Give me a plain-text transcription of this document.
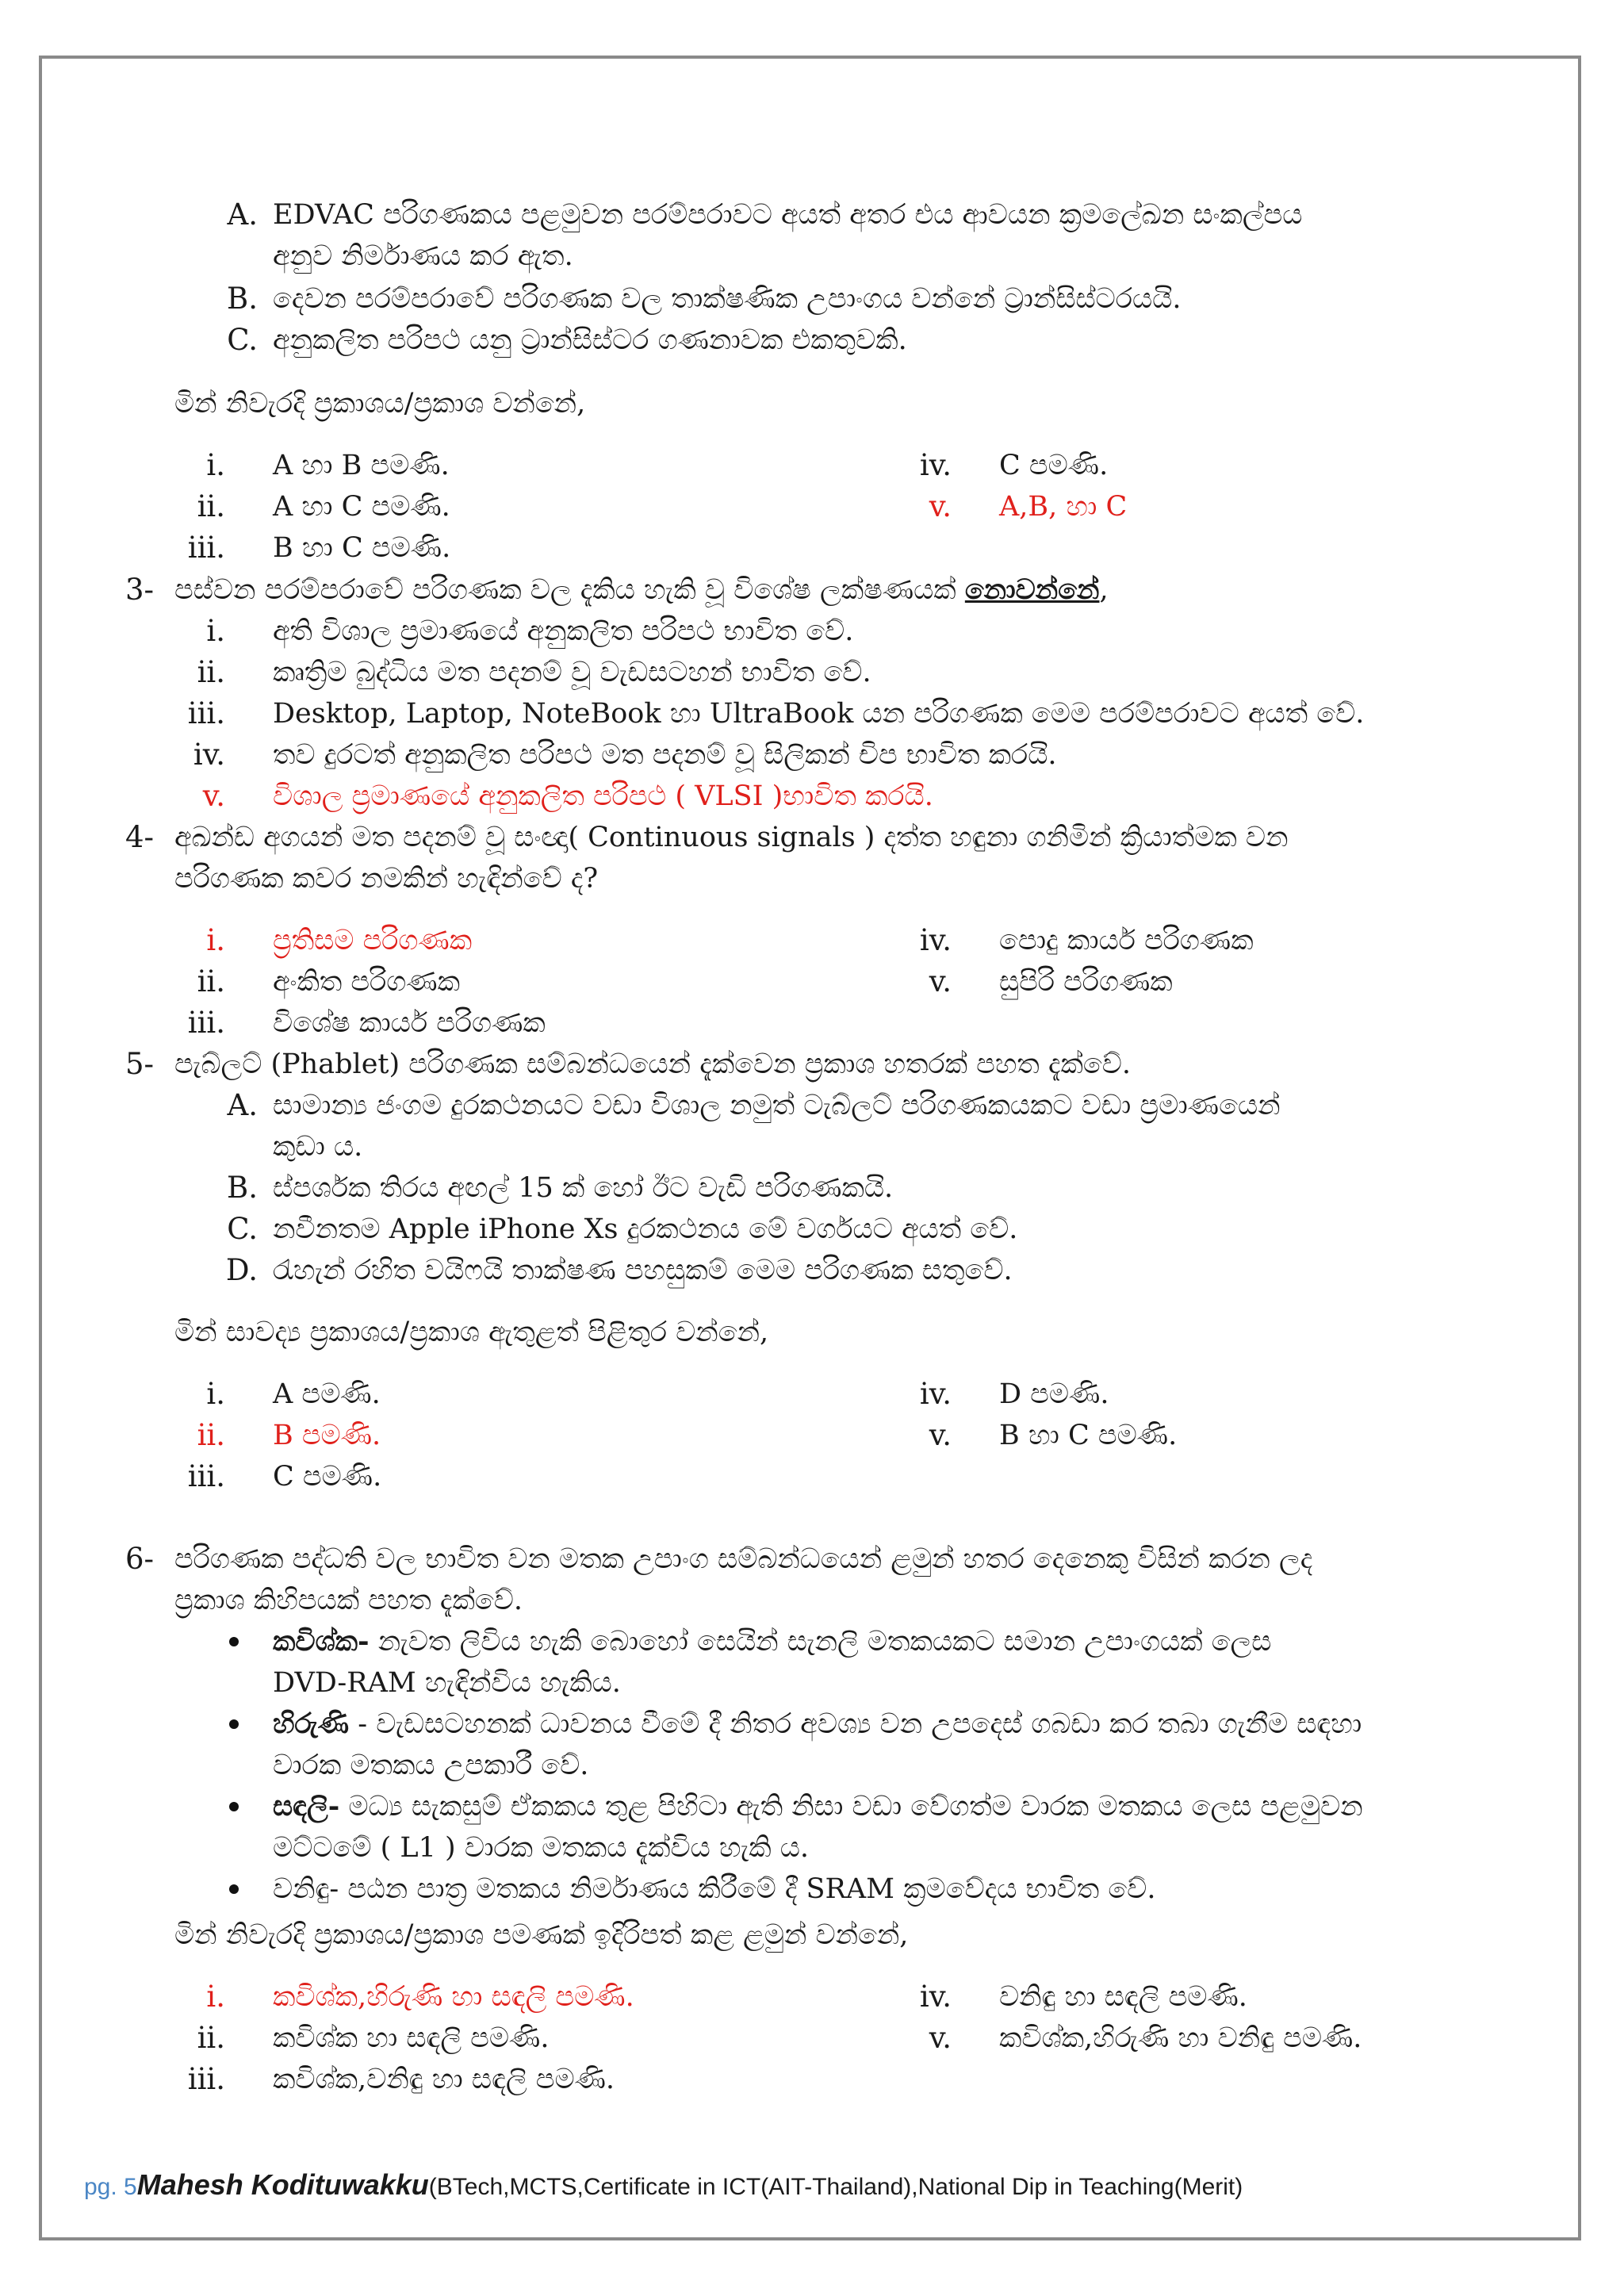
A. EDVAC පරිගණකය පළමුවන පරම්පරාවට අයත් අතර එය ආවයන ක්‍රමලේඛන සංකල්පය
අනුව නිර්මාණය කර ඇත.
B. දෙවන පරම්පරාවේ පරිගණක වල තාක්ෂණික උපාංගය වන්නේ ට්‍රාන්සිස්ටරයයි.
C. අනුකලිත පරිපථ යනු ට්‍රාන්සිස්ටර ගණනාවක එකතුවකි.
මින් නිවැරදි ප්‍රකාශය/ප්‍රකාශ වන්නේ,
i. A හා B පමණි.
ii. A හා C පමණි.
iii. B හා C පමණි.
iv. C පමණි.
v. A,B, හා C
3- පස්වන පරම්පරාවේ පරිගණක වල දැකිය හැකි වූ විශේෂ ලක්ෂණයක් නොවන්නේ,
i. අති විශාල ප්‍රමාණයේ අනුකලිත පරිපථ භාවිත වේ.
ii. කෘත්‍රිම බුද්ධිය මත පදනම් වූ වැඩසටහන් භාවිත වේ.
iii. Desktop, Laptop, NoteBook හා UltraBook යන පරිගණක මෙම පරම්පරාවට අයත් වේ.
iv. තව දුරටත් අනුකලිත පරිපථ මත පදනම් වූ සිලිකන් චිප භාවිත කරයි.
v. විශාල ප්‍රමාණයේ අනුකලිත පරිපථ ( VLSI )භාවිත කරයි.
4- අඛන්ඩ අගයන් මත පදනම් වූ සංඥා( Continuous signals ) දත්ත හඳුනා ගනිමින් ක්‍රියාත්මක වන
පරිගණක කවර නමකින් හැඳින්වේ ද?
i. ප්‍රතිසම පරිගණක
ii. අංකිත පරිගණක
iii. විශේෂ කාර්ය පරිගණක
iv. පොදු කාර්ය පරිගණක
v. සුපිරි පරිගණක
5- පැබ්ලට් (Phablet) පරිගණක සම්බන්ධයෙන් දැක්වෙන ප්‍රකාශ හතරක් පහත දැක්වේ.
A. සාමාන්‍ය ජංගම දුරකථනයට වඩා විශාල නමුත් ටැබ්ලට් පරිගණකයකට වඩා ප්‍රමාණයෙන්
කුඩා ය.
B. ස්පර්ශක තිරය අඟල් 15 ක් හෝ ඊට වැඩි පරිගණකයි.
C. නවීනතම Apple iPhone Xs දුරකථනය මේ වර්ගයට අයත් වේ.
D. රැහැන් රහිත වයිෆයි තාක්ෂණ පහසුකම් මෙම පරිගණක සතුවේ.
මින් සාවද්‍ය ප්‍රකාශය/ප්‍රකාශ ඇතුළත් පිළිතුර වන්නේ,
i. A පමණි.
ii. B පමණි.
iii. C පමණි.
iv. D පමණි.
v. B හා C පමණි.
6- පරිගණක පද්ධති වල භාවිත වන මතක උපාංග සම්බන්ධයෙන් ළමුන් හතර දෙනෙකු විසින් කරන ලද
ප්‍රකාශ කිහිපයක් පහත දැක්වේ.
කවිශ්ක- නැවත ලිවිය හැකි බොහෝ සෙයින් සැනලි මතකයකට සමාන උපාංගයක් ලෙස
DVD-RAM හැඳින්විය හැකිය.
හිරුණි - වැඩසටහනක් ධාවනය වීමේ දී නිතර අවශ්‍ය වන උපදෙස් ගබඩා කර තබා ගැනීම සඳහා
වාරක මතකය උපකාරී වේ.
සඳලි- මධ්‍ය සැකසුම් ඒකකය තුළ පිහිටා ඇති නිසා වඩා වේගත්ම වාරක මතකය ලෙස පළමුවන
මට්ටමේ ( L1 ) වාරක මතකය දැක්විය හැකි ය.
වනිඳු- පඨන පාත්‍ර මතකය නිර්මාණය කිරීමේ දී SRAM ක්‍රමවේදය භාවිත වේ.
මින් නිවැරදි ප්‍රකාශය/ප්‍රකාශ පමණක් ඉදිරිපත් කළ ළමුන් වන්නේ,
i. කවිශ්ක,හිරුණි හා සඳලි පමණි.
ii. කවිශ්ක හා සඳලි පමණි.
iii. කවිශ්ක,වනිඳු හා සඳලි පමණි.
iv. වනිඳු හා සඳලි පමණි.
v. කවිශ්ක,හිරුණි හා වනිඳු පමණි.
pg. 5Mahesh Kodituwakku(BTech,MCTS,Certificate in ICT(AIT-Thailand),National Dip in Teaching(Merit)
